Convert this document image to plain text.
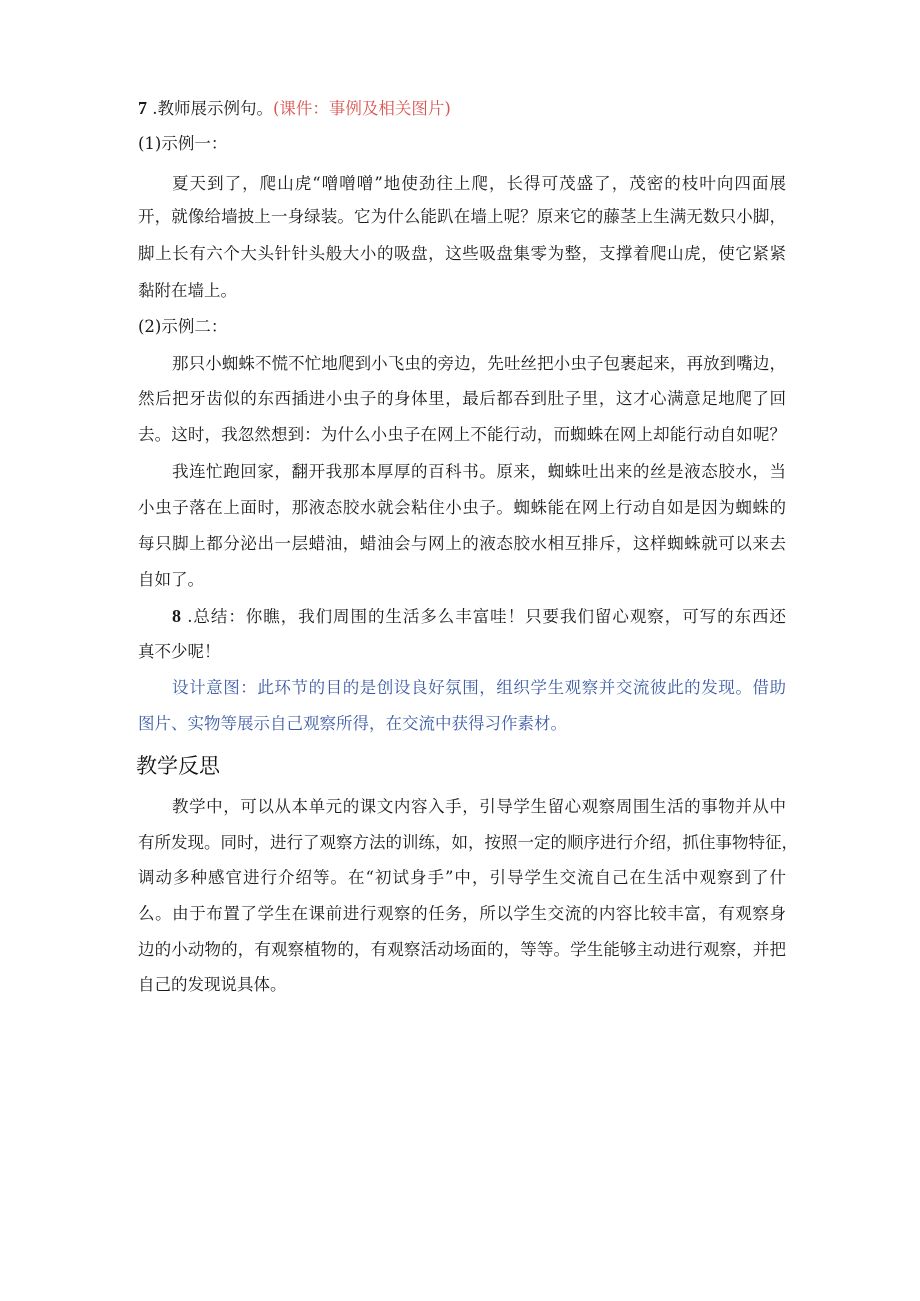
7 .教师展示例句。(课件：事例及相关图片)
(1)示例一：
夏天到了，爬山虎“噌噌噌”地使劲往上爬，长得可茂盛了，茂密的枝叶向四面展
开，就像给墙披上一身绿装。它为什么能趴在墙上呢？原来它的藤茎上生满无数只小脚，
脚上长有六个大头针针头般大小的吸盘，这些吸盘集零为整，支撑着爬山虎，使它紧紧
黏附在墙上。
(2)示例二：
那只小蜘蛛不慌不忙地爬到小飞虫的旁边，先吐丝把小虫子包裹起来，再放到嘴边，
然后把牙齿似的东西插进小虫子的身体里，最后都吞到肚子里，这才心满意足地爬了回
去。这时，我忽然想到：为什么小虫子在网上不能行动，而蜘蛛在网上却能行动自如呢？
我连忙跑回家，翻开我那本厚厚的百科书。原来，蜘蛛吐出来的丝是液态胶水，当
小虫子落在上面时，那液态胶水就会粘住小虫子。蜘蛛能在网上行动自如是因为蜘蛛的
每只脚上都分泌出一层蜡油，蜡油会与网上的液态胶水相互排斥，这样蜘蛛就可以来去
自如了。
8 .总结：你瞧，我们周围的生活多么丰富哇！只要我们留心观察，可写的东西还
真不少呢！
设计意图：此环节的目的是创设良好氛围，组织学生观察并交流彼此的发现。借助
图片、实物等展示自己观察所得，在交流中获得习作素材。
教学反思
教学中，可以从本单元的课文内容入手，引导学生留心观察周围生活的事物并从中
有所发现。同时，进行了观察方法的训练，如，按照一定的顺序进行介绍，抓住事物特征，
调动多种感官进行介绍等。在“初试身手”中，引导学生交流自己在生活中观察到了什
么。由于布置了学生在课前进行观察的任务，所以学生交流的内容比较丰富，有观察身
边的小动物的，有观察植物的，有观察活动场面的，等等。学生能够主动进行观察，并把
自己的发现说具体。
